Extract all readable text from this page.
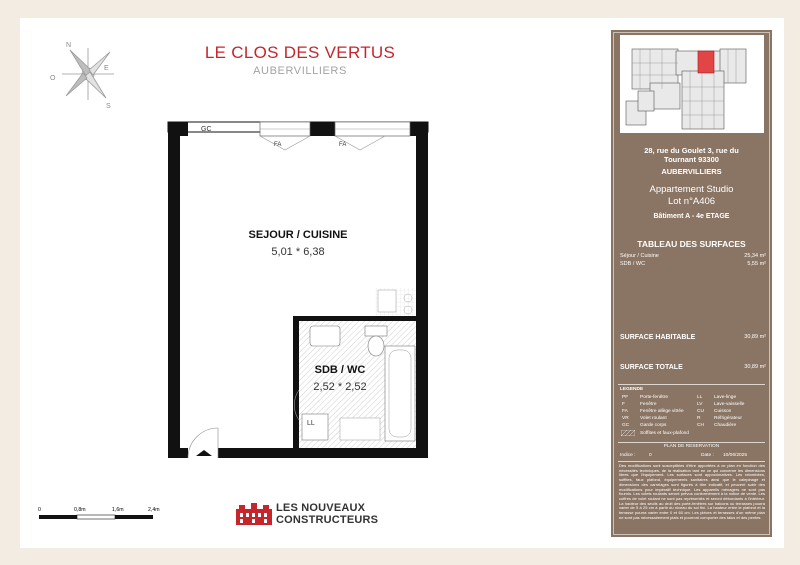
LE CLOS DES VERTUS
AUBERVILLIERS
N
S
E
O
GC
FA	FA
LL
SEJOUR / CUISINE
5,01 * 6,38
SDB / WC
2,52 * 2,52
0	0,8m	1,6m	2,4m	LES NOUVEAUX
CONSTRUCTEURS
28, rue du Goulet 3, rue du Tournant 93300
AUBERVILLIERS
Appartement Studio
Lot n°A406
Bâtiment A - 4e ETAGE
TABLEAU DES SURFACES
Séjour / Cuisine	25,34 m²
SDB / WC	5,55 m²
SURFACE HABITABLE	30,89 m²
SURFACE TOTALE	30,89 m²
LEGENDE
PF Porte-fenêtre
F	Fenêtre
FA	Fenêtre allège vitrée
VR Volet roulant
GC Garde corps
LL Lave-linge
LV Lave-vaisselle
CU Cuisson
R	Réfrigérateur
CH Chaudière
Soffites et faux-plafond
PLAN DE RESERVATION
Indice :	0	Date : 10/06/2025
Des modifications sont susceptibles d'être apportées à ce plan en fonction des nécessités techniques, de la réalisation tant en ce qui concerne les dimensions libres que l'équipement. Les surfaces sont approximatives. Les retombées, soffites, faux plafond, équipements sanitaires ainsi que le calepinage et dimensions des carrelages sont figurés à titre indicatif, et peuvent subir des modifications pour impératif technique. Les appareils ménagers ne sont pas fournis. Les volets roulants seront prévus conformément à la notice de vente. Les coffres de volet roulant ne sont pas représentés et seront débordants à l'intérieur. La hauteur des seuils au droit des porte-fenêtres sur balcons ou terrasses pourra varier de 5 à 25 cm à partir du niveau du sol fini. La hauteur entre le plafond et la terrasse pourra varier entre 0 et 60 cm. Les pièces et terrasses d'un même plan ne sont pas nécessairement plats et pourront comporter des talus et des pentes.
